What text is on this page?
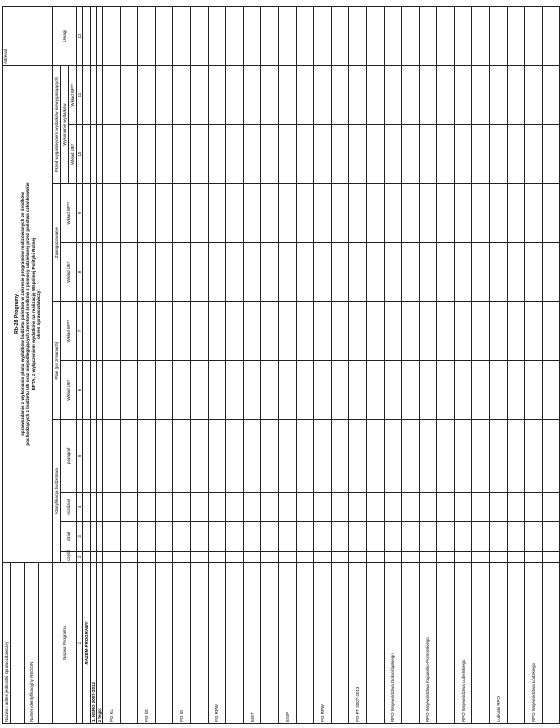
Nazwa i adres jednostki sprawozdawczej	Rb-28 Programy sprawozdanie z wykonania planu wydatków budżetu państwa w zakresie programów realizowanych ze środków pochodzących z budżetu UE oraz niepodlegających zwrotowi środków z pomocy udzielanej przez państwa członkowskie EFTA, z wyłączeniem wydatków na realizację Wspólnej Polityki Rolnej okres sprawozdawczy:										Adresat

Numer identyfikacyjny REGON											

Nazwa Programu	Klasyfikacja budżetowa				Plan (po zmianach)		Zaangażowanie		Przed wygaśnięciem wydatków niewygasających		Uwagi
	część	dział	rozdział	paragraf	Wkład UE*	Wkład BP**	Wkład UE*	Wkład BP**	Wykonanie wydatków		
									Wkład UE*	Wkład BP**	
1	2	3	4	5	6	7	8	9	10	11	12
RAZEM-PROGRAMY											
1. NSRO 2007-2013											
z tego:											
PO KL											

PO IiŚ											

PO IG											

PO RPW											

EWT											

ESIP											

PO RPW											

PO PT 2007-2013											

RPO Województwa Dolnośląskiego											

RPO Województwa Kujawsko-Pomorskiego											

RPO Województwa Lubelskiego											

Lubuski RPO											

RPO Województwa Łódzkiego											
